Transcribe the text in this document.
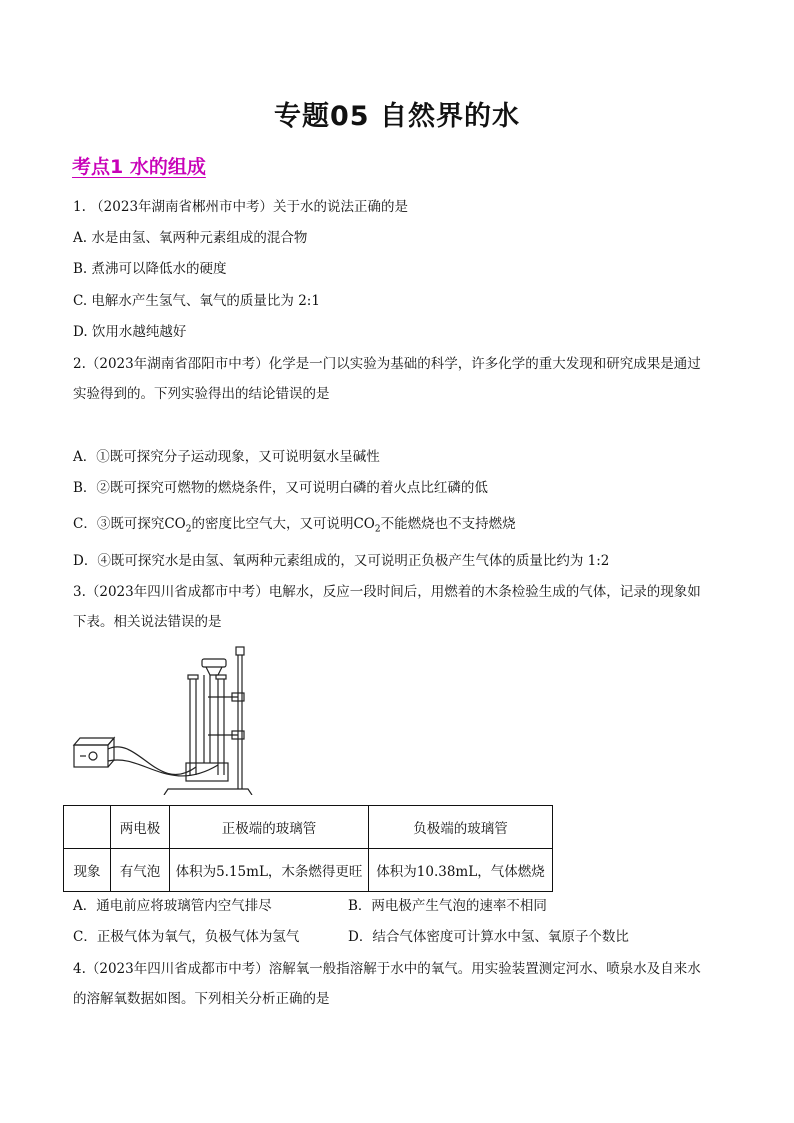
专题05 自然界的水
考点1 水的组成
1. （2023年湖南省郴州市中考）关于水的说法正确的是
A. 水是由氢、氧两种元素组成的混合物
B. 煮沸可以降低水的硬度
C. 电解水产生氢气、氧气的质量比为 2:1
D. 饮用水越纯越好
2.（2023年湖南省邵阳市中考）化学是一门以实验为基础的科学，许多化学的重大发现和研究成果是通过
实验得到的。下列实验得出的结论错误的是
A．①既可探究分子运动现象，又可说明氨水呈碱性
B．②既可探究可燃物的燃烧条件，又可说明白磷的着火点比红磷的低
C．③既可探究$CO_2$的密度比空气大，又可说明$CO_2$不能燃烧也不支持燃烧
D．④既可探究水是由氢、氧两种元素组成的，又可说明正负极产生气体的质量比约为 1:2
3.（2023年四川省成都市中考）电解水，反应一段时间后，用燃着的木条检验生成的气体，记录的现象如
下表。相关说法错误的是
	两电极	正极端的玻璃管	负极端的玻璃管
现象	有气泡	体积为5.15mL，木条燃得更旺	体积为10.38mL，气体燃烧
A．通电前应将玻璃管内空气排尽	B．两电极产生气泡的速率不相同
C．正极气体为氧气，负极气体为氢气	D．结合气体密度可计算水中氢、氧原子个数比
4.（2023年四川省成都市中考）溶解氧一般指溶解于水中的氧气。用实验装置测定河水、喷泉水及自来水
的溶解氧数据如图。下列相关分析正确的是
